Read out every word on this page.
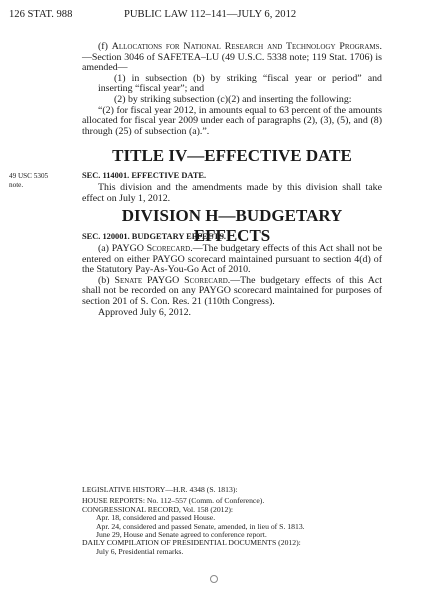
126 STAT. 988	PUBLIC LAW 112–141—JULY 6, 2012

(f) Allocations for National Research and Technology Programs.—Section 3046 of SAFETEA–LU (49 U.S.C. 5338 note; 119 Stat. 1706) is amended—

(1) in subsection (b) by striking “fiscal year or period” and inserting “fiscal year”; and

(2) by striking subsection (c)(2) and inserting the following:

“(2) for fiscal year 2012, in amounts equal to 63 percent of the amounts allocated for fiscal year 2009 under each of paragraphs (2), (3), (5), and (8) through (25) of subsection (a).”.

TITLE IV—EFFECTIVE DATE
49 USC 5305
note.
SEC. 114001. EFFECTIVE DATE.

This division and the amendments made by this division shall take effect on July 1, 2012.

DIVISION H—BUDGETARY EFFECTS
SEC. 120001. BUDGETARY EFFECTS.

(a) PAYGO Scorecard.—The budgetary effects of this Act shall not be entered on either PAYGO scorecard maintained pursuant to section 4(d) of the Statutory Pay-As-You-Go Act of 2010.

(b) Senate PAYGO Scorecard.—The budgetary effects of this Act shall not be recorded on any PAYGO scorecard maintained for purposes of section 201 of S. Con. Res. 21 (110th Congress).

Approved July 6, 2012.

LEGISLATIVE HISTORY—H.R. 4348 (S. 1813):
HOUSE REPORTS: No. 112–557 (Comm. of Conference).
CONGRESSIONAL RECORD, Vol. 158 (2012):
Apr. 18, considered and passed House.
Apr. 24, considered and passed Senate, amended, in lieu of S. 1813.
June 29, House and Senate agreed to conference report.
DAILY COMPILATION OF PRESIDENTIAL DOCUMENTS (2012):
July 6, Presidential remarks.
